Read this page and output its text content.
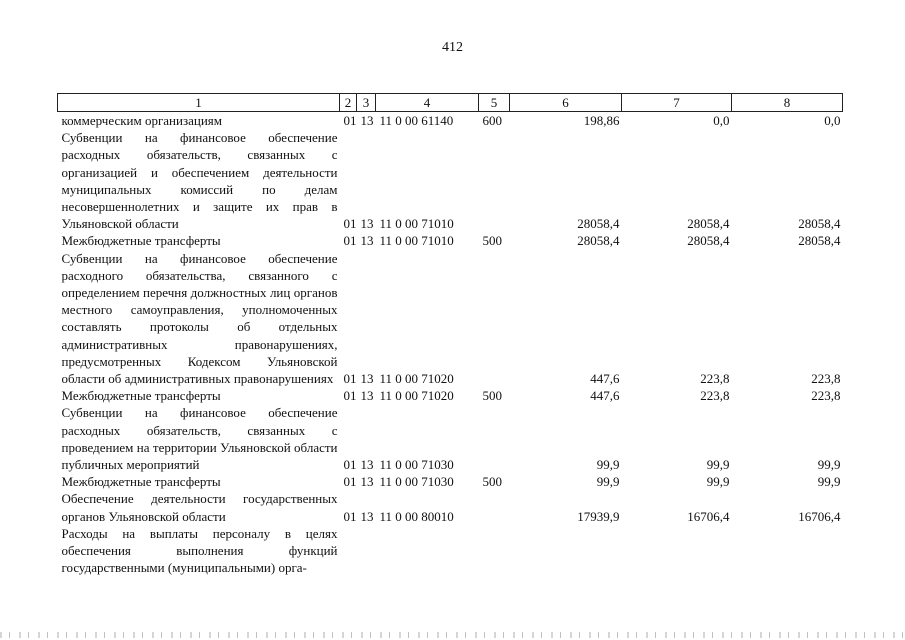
412
1	2	3	4	5	6	7	8
коммерческим организациям	01	13	11 0 00 61140	600	198,86	0,0	0,0
Субвенции на финансовое обеспечение расходных обязательств, связанных с организацией и обеспечением деятельности муниципальных комиссий по делам несовершеннолетних и защите их прав в Ульяновской области	01	13	11 0 00 71010		28058,4	28058,4	28058,4
Межбюджетные трансферты	01	13	11 0 00 71010	500	28058,4	28058,4	28058,4
Субвенции на финансовое обеспечение расходного обязательства, связанного с определением перечня должностных лиц органов местного самоуправления, уполномоченных составлять протоколы об отдельных административных правонарушениях, предусмотренных Кодексом Ульяновской области об административных правонарушениях	01	13	11 0 00 71020		447,6	223,8	223,8
Межбюджетные трансферты	01	13	11 0 00 71020	500	447,6	223,8	223,8
Субвенции на финансовое обеспечение расходных обязательств, связанных с проведением на территории Ульяновской области публичных мероприятий	01	13	11 0 00 71030		99,9	99,9	99,9
Межбюджетные трансферты	01	13	11 0 00 71030	500	99,9	99,9	99,9
Обеспечение деятельности государственных органов Ульяновской области	01	13	11 0 00 80010		17939,9	16706,4	16706,4
Расходы на выплаты персоналу в целях обеспечения выполнения функций государственными (муниципальными) орга-							
